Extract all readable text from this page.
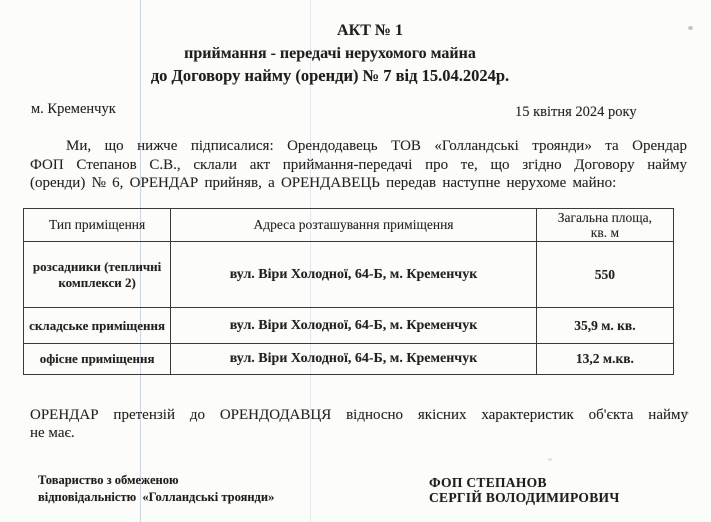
АКТ № 1
приймання - передачі нерухомого майна
до Договору найму (оренди) № 7 від 15.04.2024р.
м. Кременчук	15 квітня 2024 року
Ми, що нижче підписалися: Орендодавець ТОВ «Голландські троянди» та Орендар
ФОП Степанов С.В., склали акт приймання-передачі про те, що згідно Договору найму
(оренди) № 6, ОРЕНДАР прийняв, а ОРЕНДАВЕЦЬ передав наступне нерухоме майно:
Тип приміщення	Адреса розташування приміщення	Загальна площа,
кв. м

розсадники (тепличні комплекси 2)	вул. Віри Холодної, 64-Б, м. Кременчук	550
складське приміщення	вул. Віри Холодної, 64-Б, м. Кременчук	35,9 м. кв.
офісне приміщення	вул. Віри Холодної, 64-Б, м. Кременчук	13,2 м.кв.
ОРЕНДАР претензій до ОРЕНДОДАВЦЯ відносно якісних характеристик об'єкта найму
не має.
Товариство з обмеженою
відповідальністю  «Голландські троянди»
ФОП СТЕПАНОВ
СЕРГІЙ ВОЛОДИМИРОВИЧ
